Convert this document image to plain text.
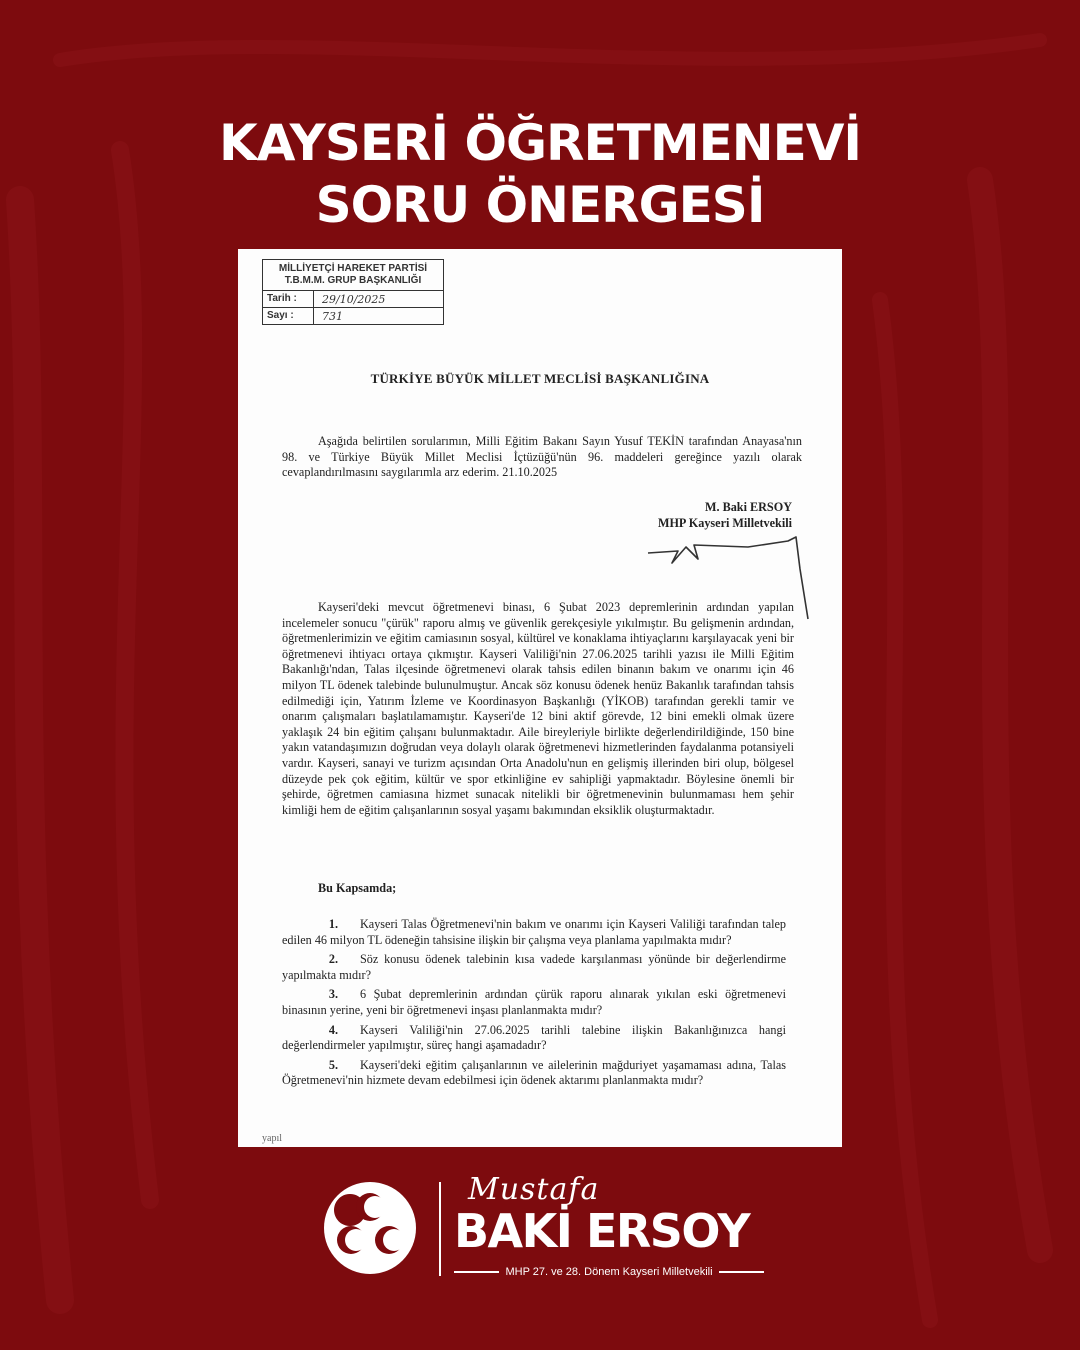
KAYSERİ ÖĞRETMENEVİ
SORU ÖNERGESİ
MİLLİYETÇİ HAREKET PARTİSİ
T.B.M.M. GRUP BAŞKANLIĞI
Tarih :	29/10/2025
Sayı :	731
TÜRKİYE BÜYÜK MİLLET MECLİSİ BAŞKANLIĞINA
Aşağıda belirtilen sorularımın, Milli Eğitim Bakanı Sayın Yusuf TEKİN tarafından Anayasa'nın 98. ve Türkiye Büyük Millet Meclisi İçtüzüğü'nün 96. maddeleri gereğince yazılı olarak cevaplandırılmasını saygılarımla arz ederim. 21.10.2025
M. Baki ERSOY
MHP Kayseri Milletvekili
Kayseri'deki mevcut öğretmenevi binası, 6 Şubat 2023 depremlerinin ardından yapılan incelemeler sonucu "çürük" raporu almış ve güvenlik gerekçesiyle yıkılmıştır. Bu gelişmenin ardından, öğretmenlerimizin ve eğitim camiasının sosyal, kültürel ve konaklama ihtiyaçlarını karşılayacak yeni bir öğretmenevi ihtiyacı ortaya çıkmıştır. Kayseri Valiliği'nin 27.06.2025 tarihli yazısı ile Milli Eğitim Bakanlığı'ndan, Talas ilçesinde öğretmenevi olarak tahsis edilen binanın bakım ve onarımı için 46 milyon TL ödenek talebinde bulunulmuştur. Ancak söz konusu ödenek henüz Bakanlık tarafından tahsis edilmediği için, Yatırım İzleme ve Koordinasyon Başkanlığı (YİKOB) tarafından gerekli tamir ve onarım çalışmaları başlatılamamıştır. Kayseri'de 12 bini aktif görevde, 12 bini emekli olmak üzere yaklaşık 24 bin eğitim çalışanı bulunmaktadır. Aile bireyleriyle birlikte değerlendirildiğinde, 150 bine yakın vatandaşımızın doğrudan veya dolaylı olarak öğretmenevi hizmetlerinden faydalanma potansiyeli vardır. Kayseri, sanayi ve turizm açısından Orta Anadolu'nun en gelişmiş illerinden biri olup, bölgesel düzeyde pek çok eğitim, kültür ve spor etkinliğine ev sahipliği yapmaktadır. Böylesine önemli bir şehirde, öğretmen camiasına hizmet sunacak nitelikli bir öğretmenevinin bulunmaması hem şehir kimliği hem de eğitim çalışanlarının sosyal yaşamı bakımından eksiklik oluşturmaktadır.
Bu Kapsamda;
1. Kayseri Talas Öğretmenevi'nin bakım ve onarımı için Kayseri Valiliği tarafından talep edilen 46 milyon TL ödeneğin tahsisine ilişkin bir çalışma veya planlama yapılmakta mıdır?
2. Söz konusu ödenek talebinin kısa vadede karşılanması yönünde bir değerlendirme yapılmakta mıdır?
3. 6 Şubat depremlerinin ardından çürük raporu alınarak yıkılan eski öğretmenevi binasının yerine, yeni bir öğretmenevi inşası planlanmakta mıdır?
4. Kayseri Valiliği'nin 27.06.2025 tarihli talebine ilişkin Bakanlığınızca hangi değerlendirmeler yapılmıştır, süreç hangi aşamadadır?
5. Kayseri'deki eğitim çalışanlarının ve ailelerinin mağduriyet yaşamaması adına, Talas Öğretmenevi'nin hizmete devam edebilmesi için ödenek aktarımı planlanmakta mıdır?
yapıl
Mustafa
BAKİ ERSOY
MHP 27. ve 28. Dönem Kayseri Milletvekili
